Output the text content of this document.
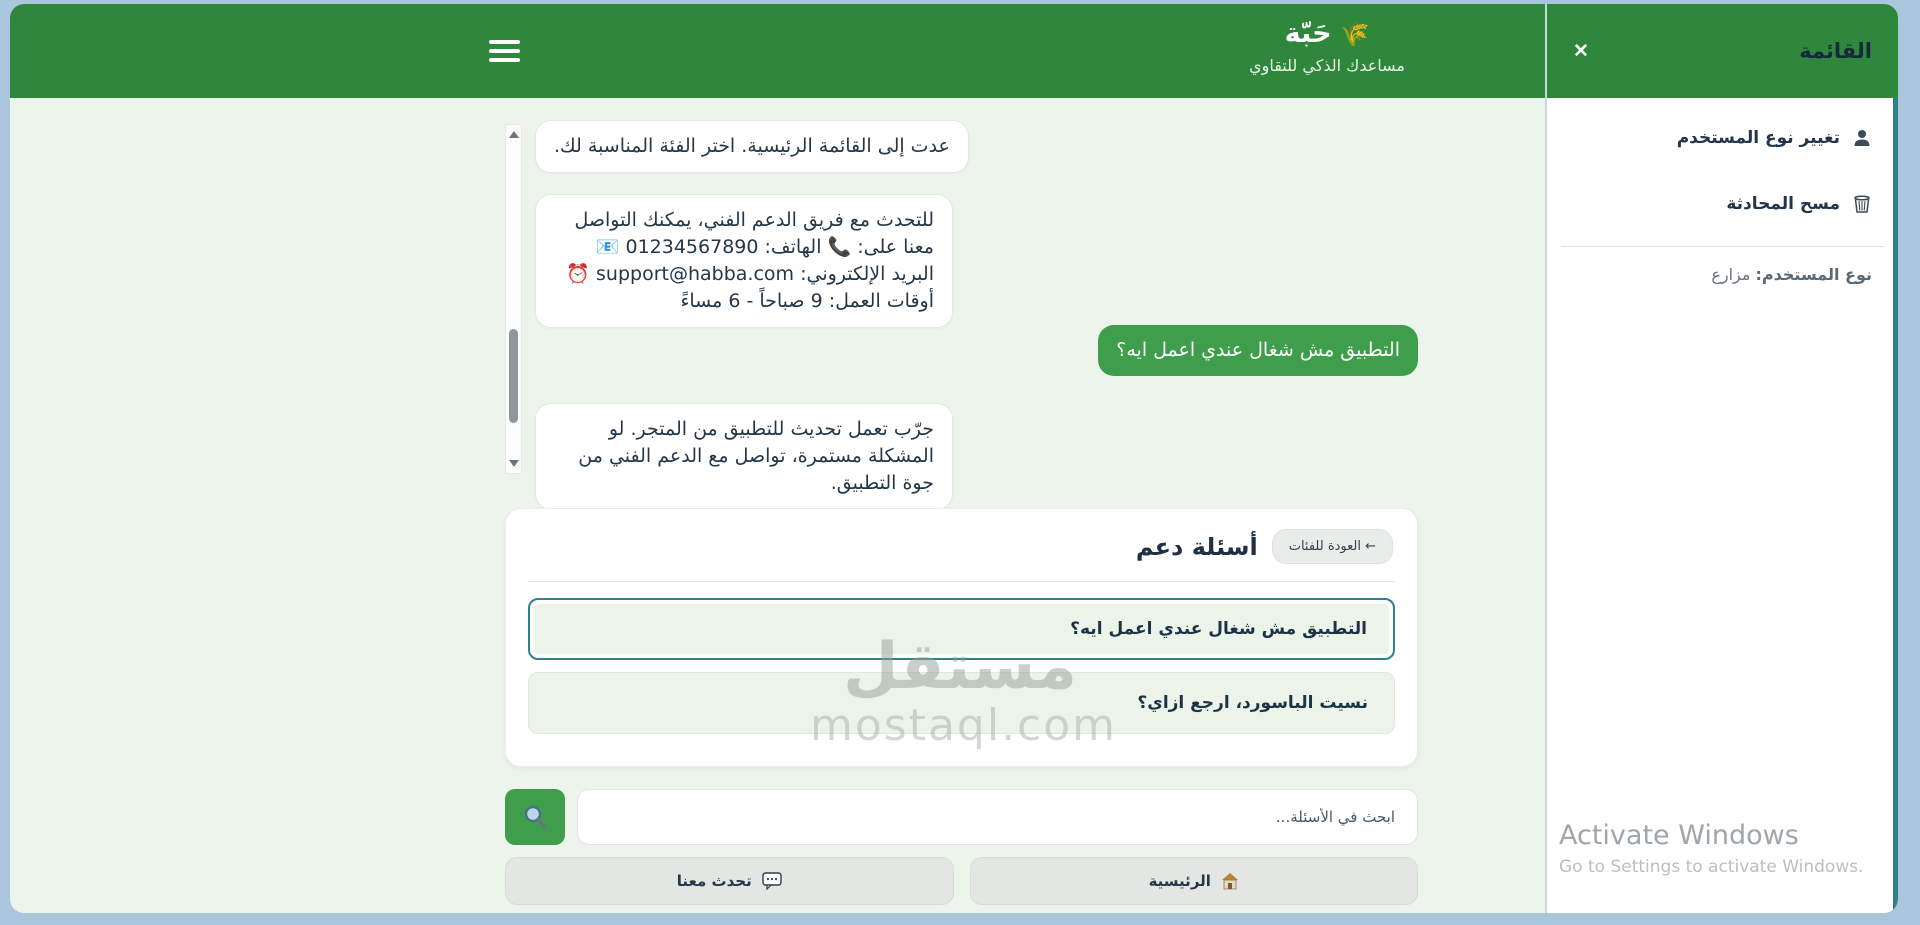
🌾
حَبّة
مساعدك الذكي للتقاوي
عدت إلى القائمة الرئيسية. اختر الفئة المناسبة لك.
للتحدث مع فريق الدعم الفني، يمكنك التواصل معنا على: 📞 الهاتف: 01234567890 📧 البريد الإلكتروني: support@habba.com ⏰ أوقات العمل: 9 صباحاً - 6 مساءً
التطبيق مش شغال عندي اعمل ايه؟
جرّب تعمل تحديث للتطبيق من المتجر. لو المشكلة مستمرة، تواصل مع الدعم الفني من جوة التطبيق.
← العودة للفئات
أسئلة دعم
التطبيق مش شغال عندي اعمل ايه؟
نسيت الباسورد، ارجع ازاي؟
ابحث في الأسئلة...
الرئيسية
تحدث معنا
مستقل
mostaql.com
✕	القائمة
تغيير نوع المستخدم
مسح المحادثة
نوع المستخدم: مزارع
Activate Windows
Go to Settings to activate Windows.
